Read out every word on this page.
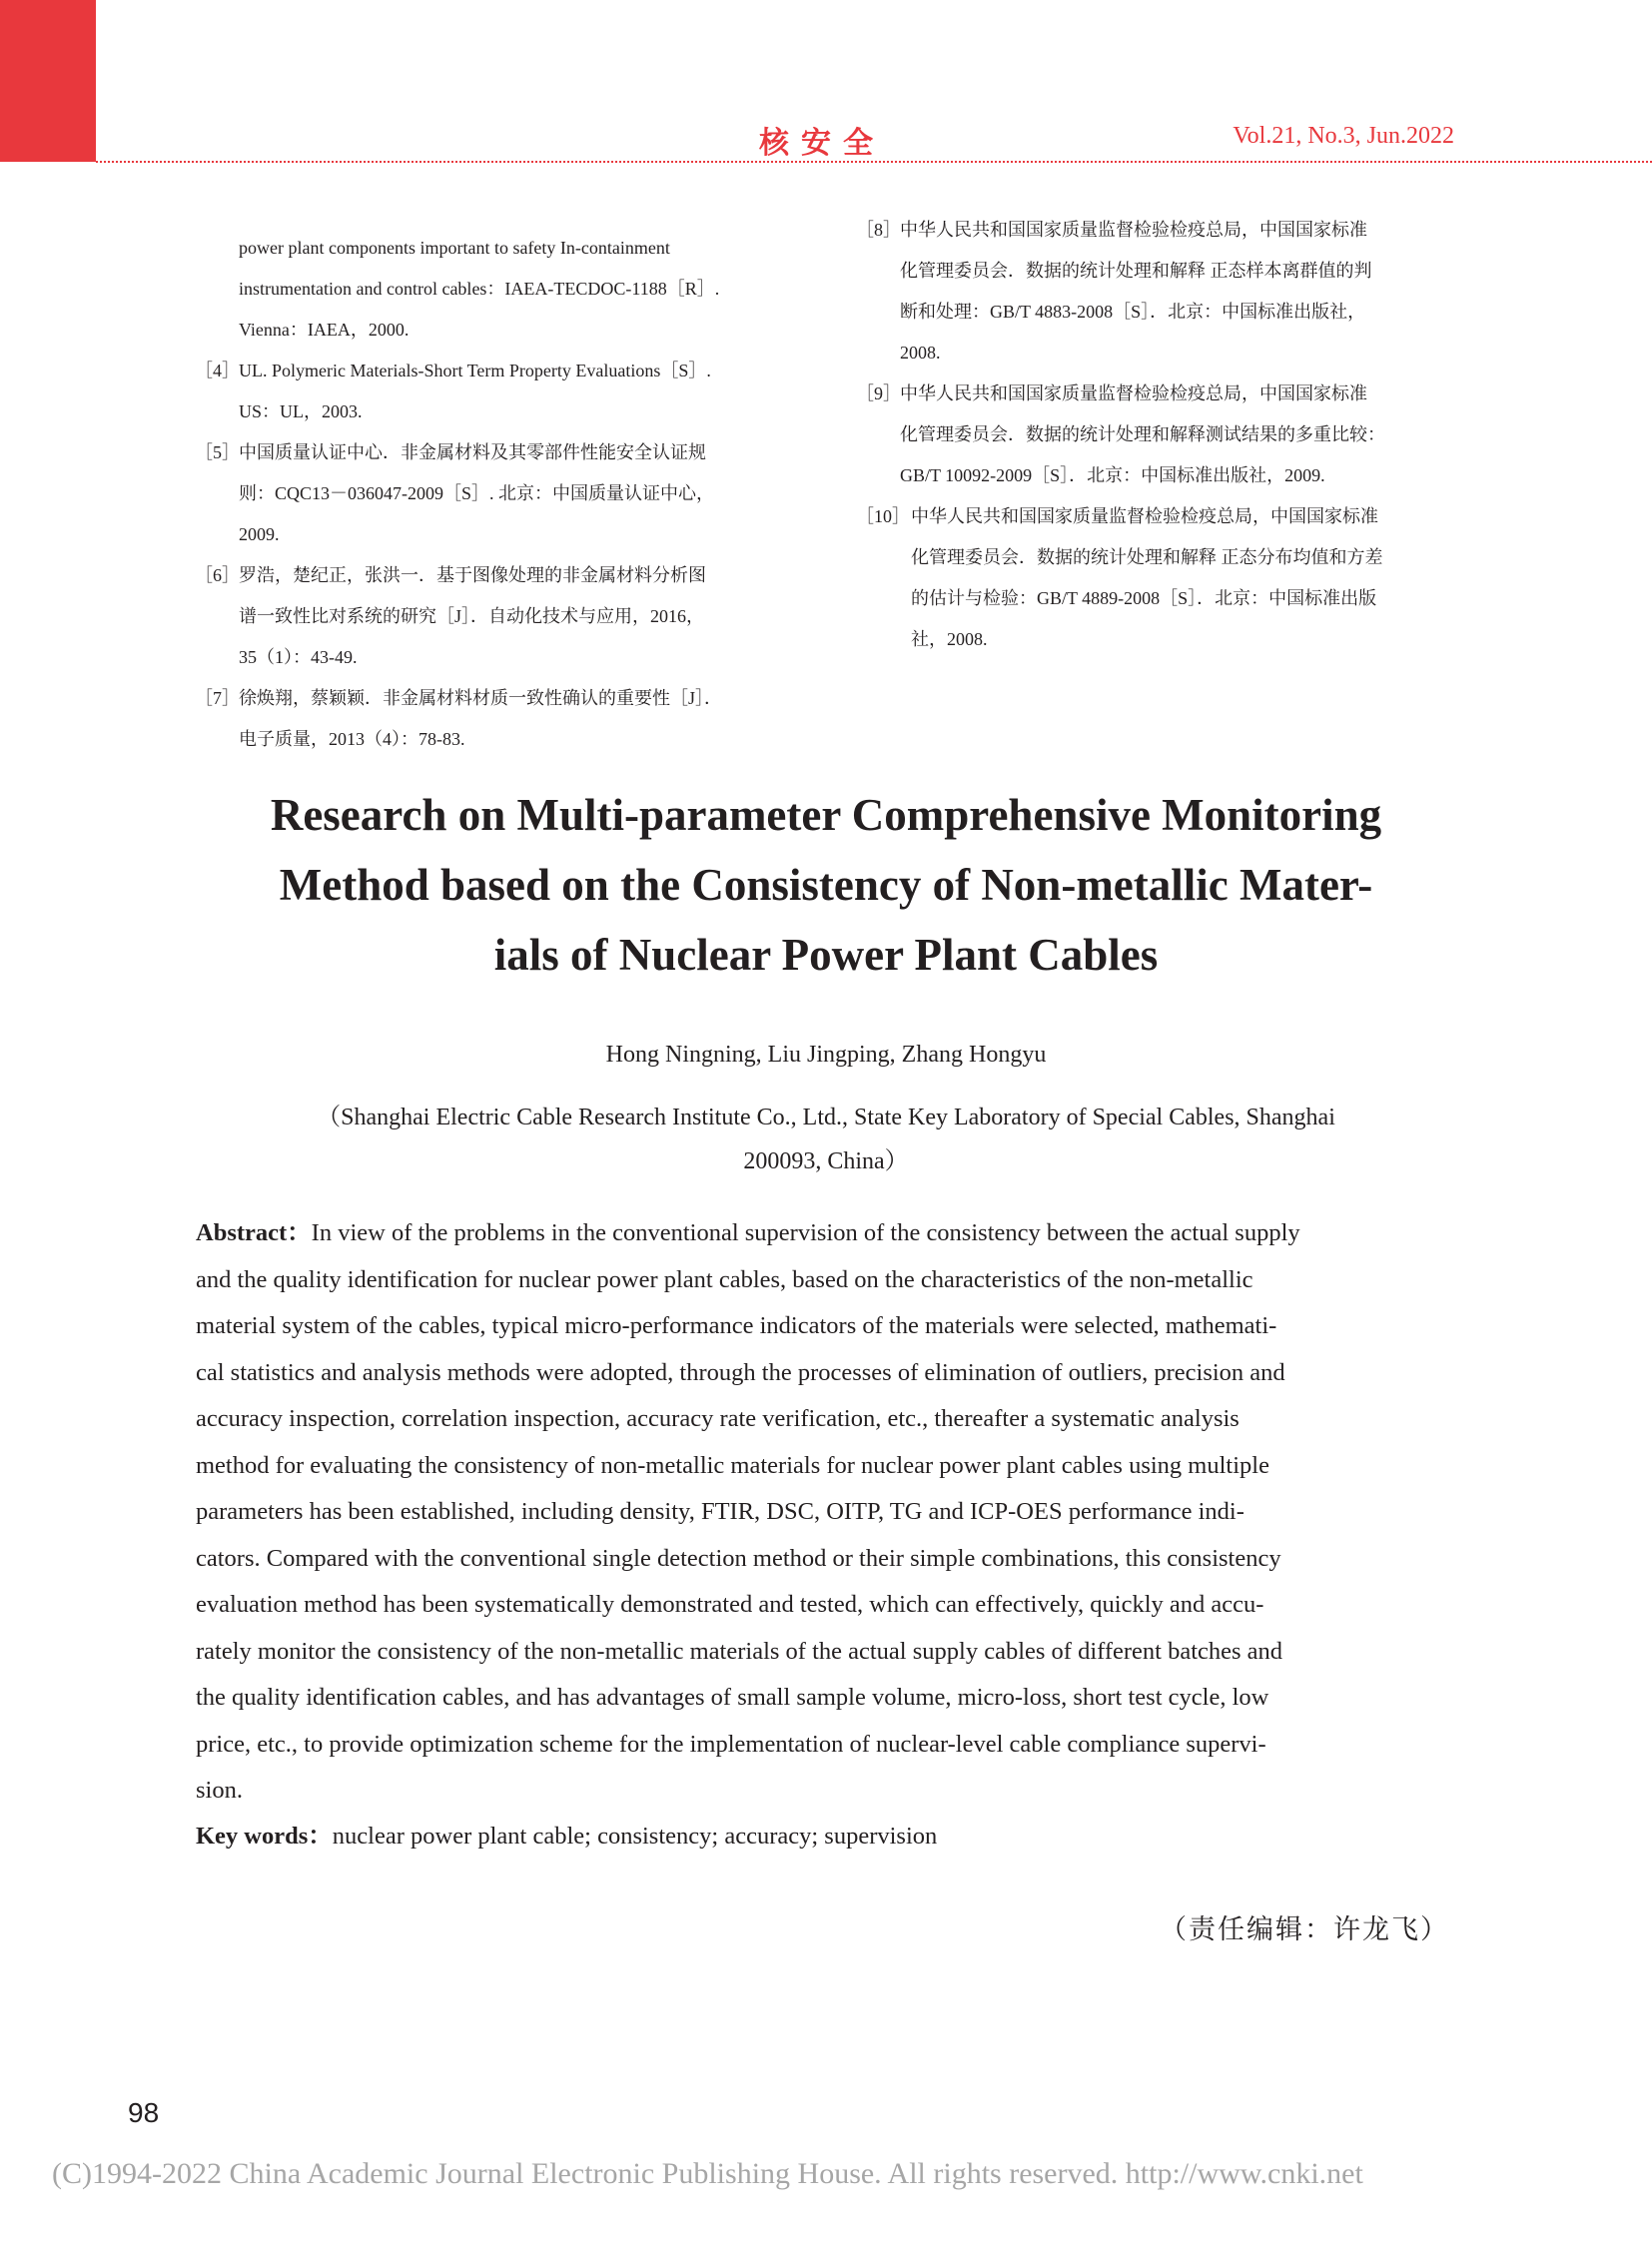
核安全	Vol.21, No.3, Jun.2022
power plant components important to safety In-containment
instrumentation and control cables：IAEA-TECDOC-1188［R］.
Vienna：IAEA，2000.
［4］ UL. Polymeric Materials-Short Term Property Evaluations［S］.
US：UL，2003.
［5］ 中国质量认证中心．非金属材料及其零部件性能安全认证规
则：CQC13－036047-2009［S］. 北京：中国质量认证中心，
2009.
［6］ 罗浩，楚纪正，张洪一．基于图像处理的非金属材料分析图
谱一致性比对系统的研究［J］．自动化技术与应用，2016，
35（1）：43-49.
［7］ 徐焕翔，蔡颖颖．非金属材料材质一致性确认的重要性［J］．
电子质量，2013（4）：78-83.
［8］ 中华人民共和国国家质量监督检验检疫总局，中国国家标准
化管理委员会．数据的统计处理和解释 正态样本离群值的判
断和处理：GB/T 4883-2008［S］．北京：中国标准出版社，
2008.
［9］ 中华人民共和国国家质量监督检验检疫总局，中国国家标准
化管理委员会．数据的统计处理和解释测试结果的多重比较：
GB/T 10092-2009［S］．北京：中国标准出版社，2009.
［10］ 中华人民共和国国家质量监督检验检疫总局，中国国家标准
化管理委员会．数据的统计处理和解释 正态分布均值和方差
的估计与检验：GB/T 4889-2008［S］．北京：中国标准出版
社，2008.
Research on Multi-parameter Comprehensive Monitoring
Method based on the Consistency of Non-metallic Mater-
ials of Nuclear Power Plant Cables
Hong Ningning, Liu Jingping, Zhang Hongyu
（Shanghai Electric Cable Research Institute Co., Ltd., State Key Laboratory of Special Cables, Shanghai
200093, China）
Abstract：In view of the problems in the conventional supervision of the consistency between the actual supply
and the quality identification for nuclear power plant cables, based on the characteristics of the non-metallic
material system of the cables, typical micro-performance indicators of the materials were selected, mathemati-
cal statistics and analysis methods were adopted, through the processes of elimination of outliers, precision and
accuracy inspection, correlation inspection, accuracy rate verification, etc., thereafter a systematic analysis
method for evaluating the consistency of non-metallic materials for nuclear power plant cables using multiple
parameters has been established, including density, FTIR, DSC, OITP, TG and ICP-OES performance indi-
cators. Compared with the conventional single detection method or their simple combinations, this consistency
evaluation method has been systematically demonstrated and tested, which can effectively, quickly and accu-
rately monitor the consistency of the non-metallic materials of the actual supply cables of different batches and
the quality identification cables, and has advantages of small sample volume, micro-loss, short test cycle, low
price, etc., to provide optimization scheme for the implementation of nuclear-level cable compliance supervi-
sion.
Key words：nuclear power plant cable; consistency; accuracy; supervision
（责任编辑：许龙飞）
98
(C)1994-2022 China Academic Journal Electronic Publishing House. All rights reserved. http://www.cnki.net
